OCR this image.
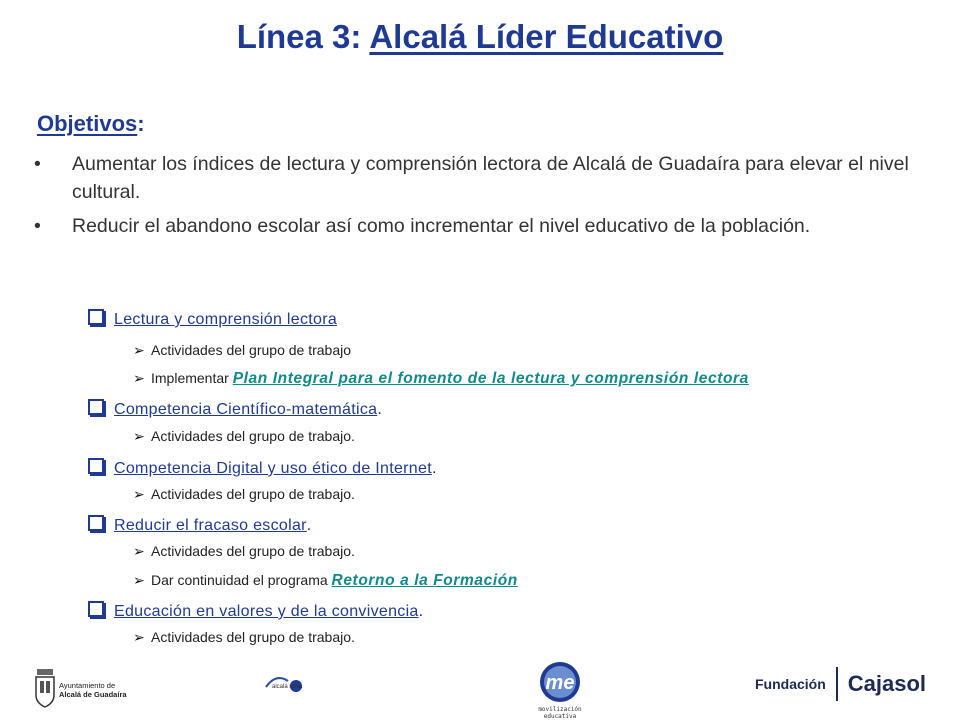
Línea 3: Alcalá Líder Educativo
Objetivos:
• Aumentar los índices de lectura y comprensión lectora de Alcalá de Guadaíra para elevar el nivel cultural.
• Reducir el abandono escolar así como incrementar el nivel educativo de la población.
Lectura y comprensión lectora
➢ Actividades del grupo de trabajo
➢ Implementar Plan Integral para el fomento de la lectura y comprensión lectora
Competencia Científico-matemática.
➢ Actividades del grupo de trabajo.
Competencia Digital y uso ético de Internet.
➢ Actividades del grupo de trabajo.
Reducir el fracaso escolar.
➢ Actividades del grupo de trabajo.
➢ Dar continuidad el programa Retorno a la Formación
Educación en valores y de la convivencia.
➢ Actividades del grupo de trabajo.
Ayuntamiento de
Alcalá de Guadaíra
alcalá nova	me
movilización
educativa
Fundación Cajasol
